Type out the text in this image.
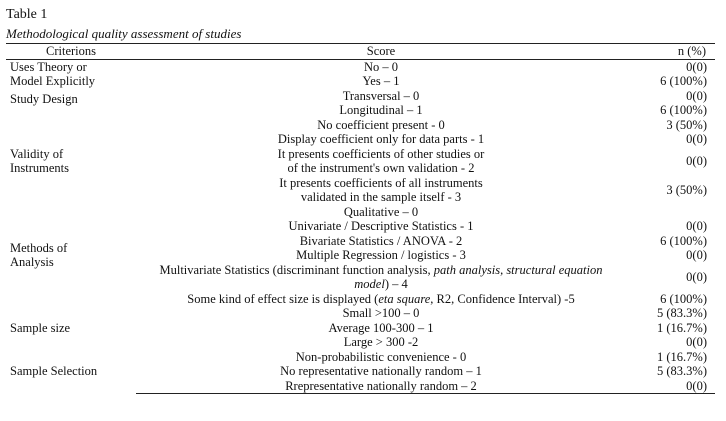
Table 1
Methodological quality assessment of studies
Criterions	Score	n (%)

Uses Theory or
Model Explicitly	No – 0	0(0)
	Yes – 1	6 (100%)
Study Design	Transversal – 0	0(0)
	Longitudinal – 1	6 (100%)

Validity of
Instruments	No coefficient present - 0	3 (50%)
	Display coefficient only for data parts - 1	0(0)

	It presents coefficients of other studies or
of the instrument's own validation - 2	0(0)

	It presents coefficients of all instruments
validated in the sample itself - 3	3 (50%)

Methods of
Analysis	Qualitative – 0	
	Univariate / Descriptive Statistics - 1	0(0)
	Bivariate Statistics / ANOVA - 2	6 (100%)
	Multiple Regression / logistics - 3	0(0)

	Multivariate Statistics (discriminant function analysis, path analysis, structural equation
model) – 4	0(0)
	Some kind of effect size is displayed (eta square, R2, Confidence Interval) -5	6 (100%)
Sample size	Small >100 – 0	5 (83.3%)
	Average 100-300 – 1	1 (16.7%)
	Large > 300 -2	0(0)
Sample Selection	Non-probabilistic convenience - 0	1 (16.7%)
	No representative nationally random – 1	5 (83.3%)
	Rrepresentative nationally random – 2	0(0)
